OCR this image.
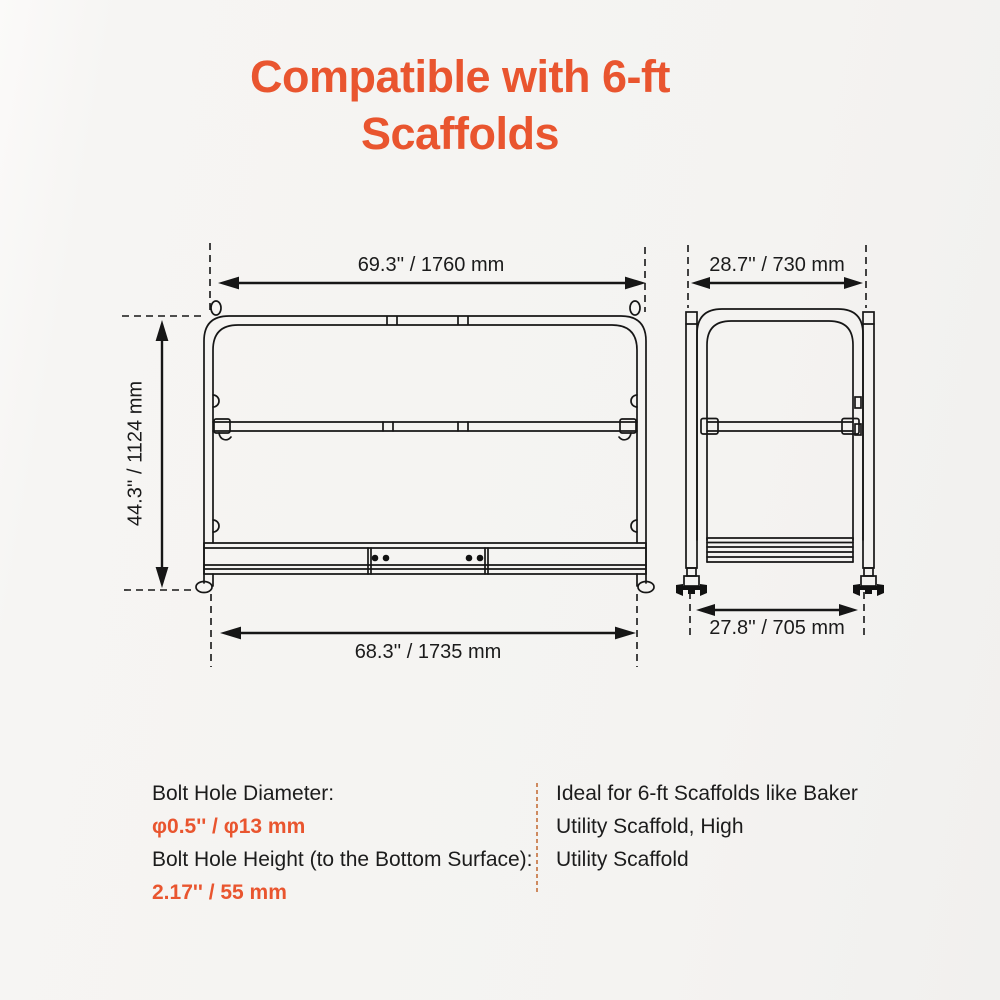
Compatible with 6-ft
Scaffolds
69.3'' / 1760 mm	28.7'' / 730 mm
44.3'' / 1124 mm
68.3'' / 1735 mm
27.8'' / 705 mm
Bolt Hole Diameter:
φ0.5'' / φ13 mm
Bolt Hole Height (to the Bottom Surface):
2.17'' / 55 mm
Ideal for 6-ft Scaffolds like Baker
Utility Scaffold, High
Utility Scaffold
